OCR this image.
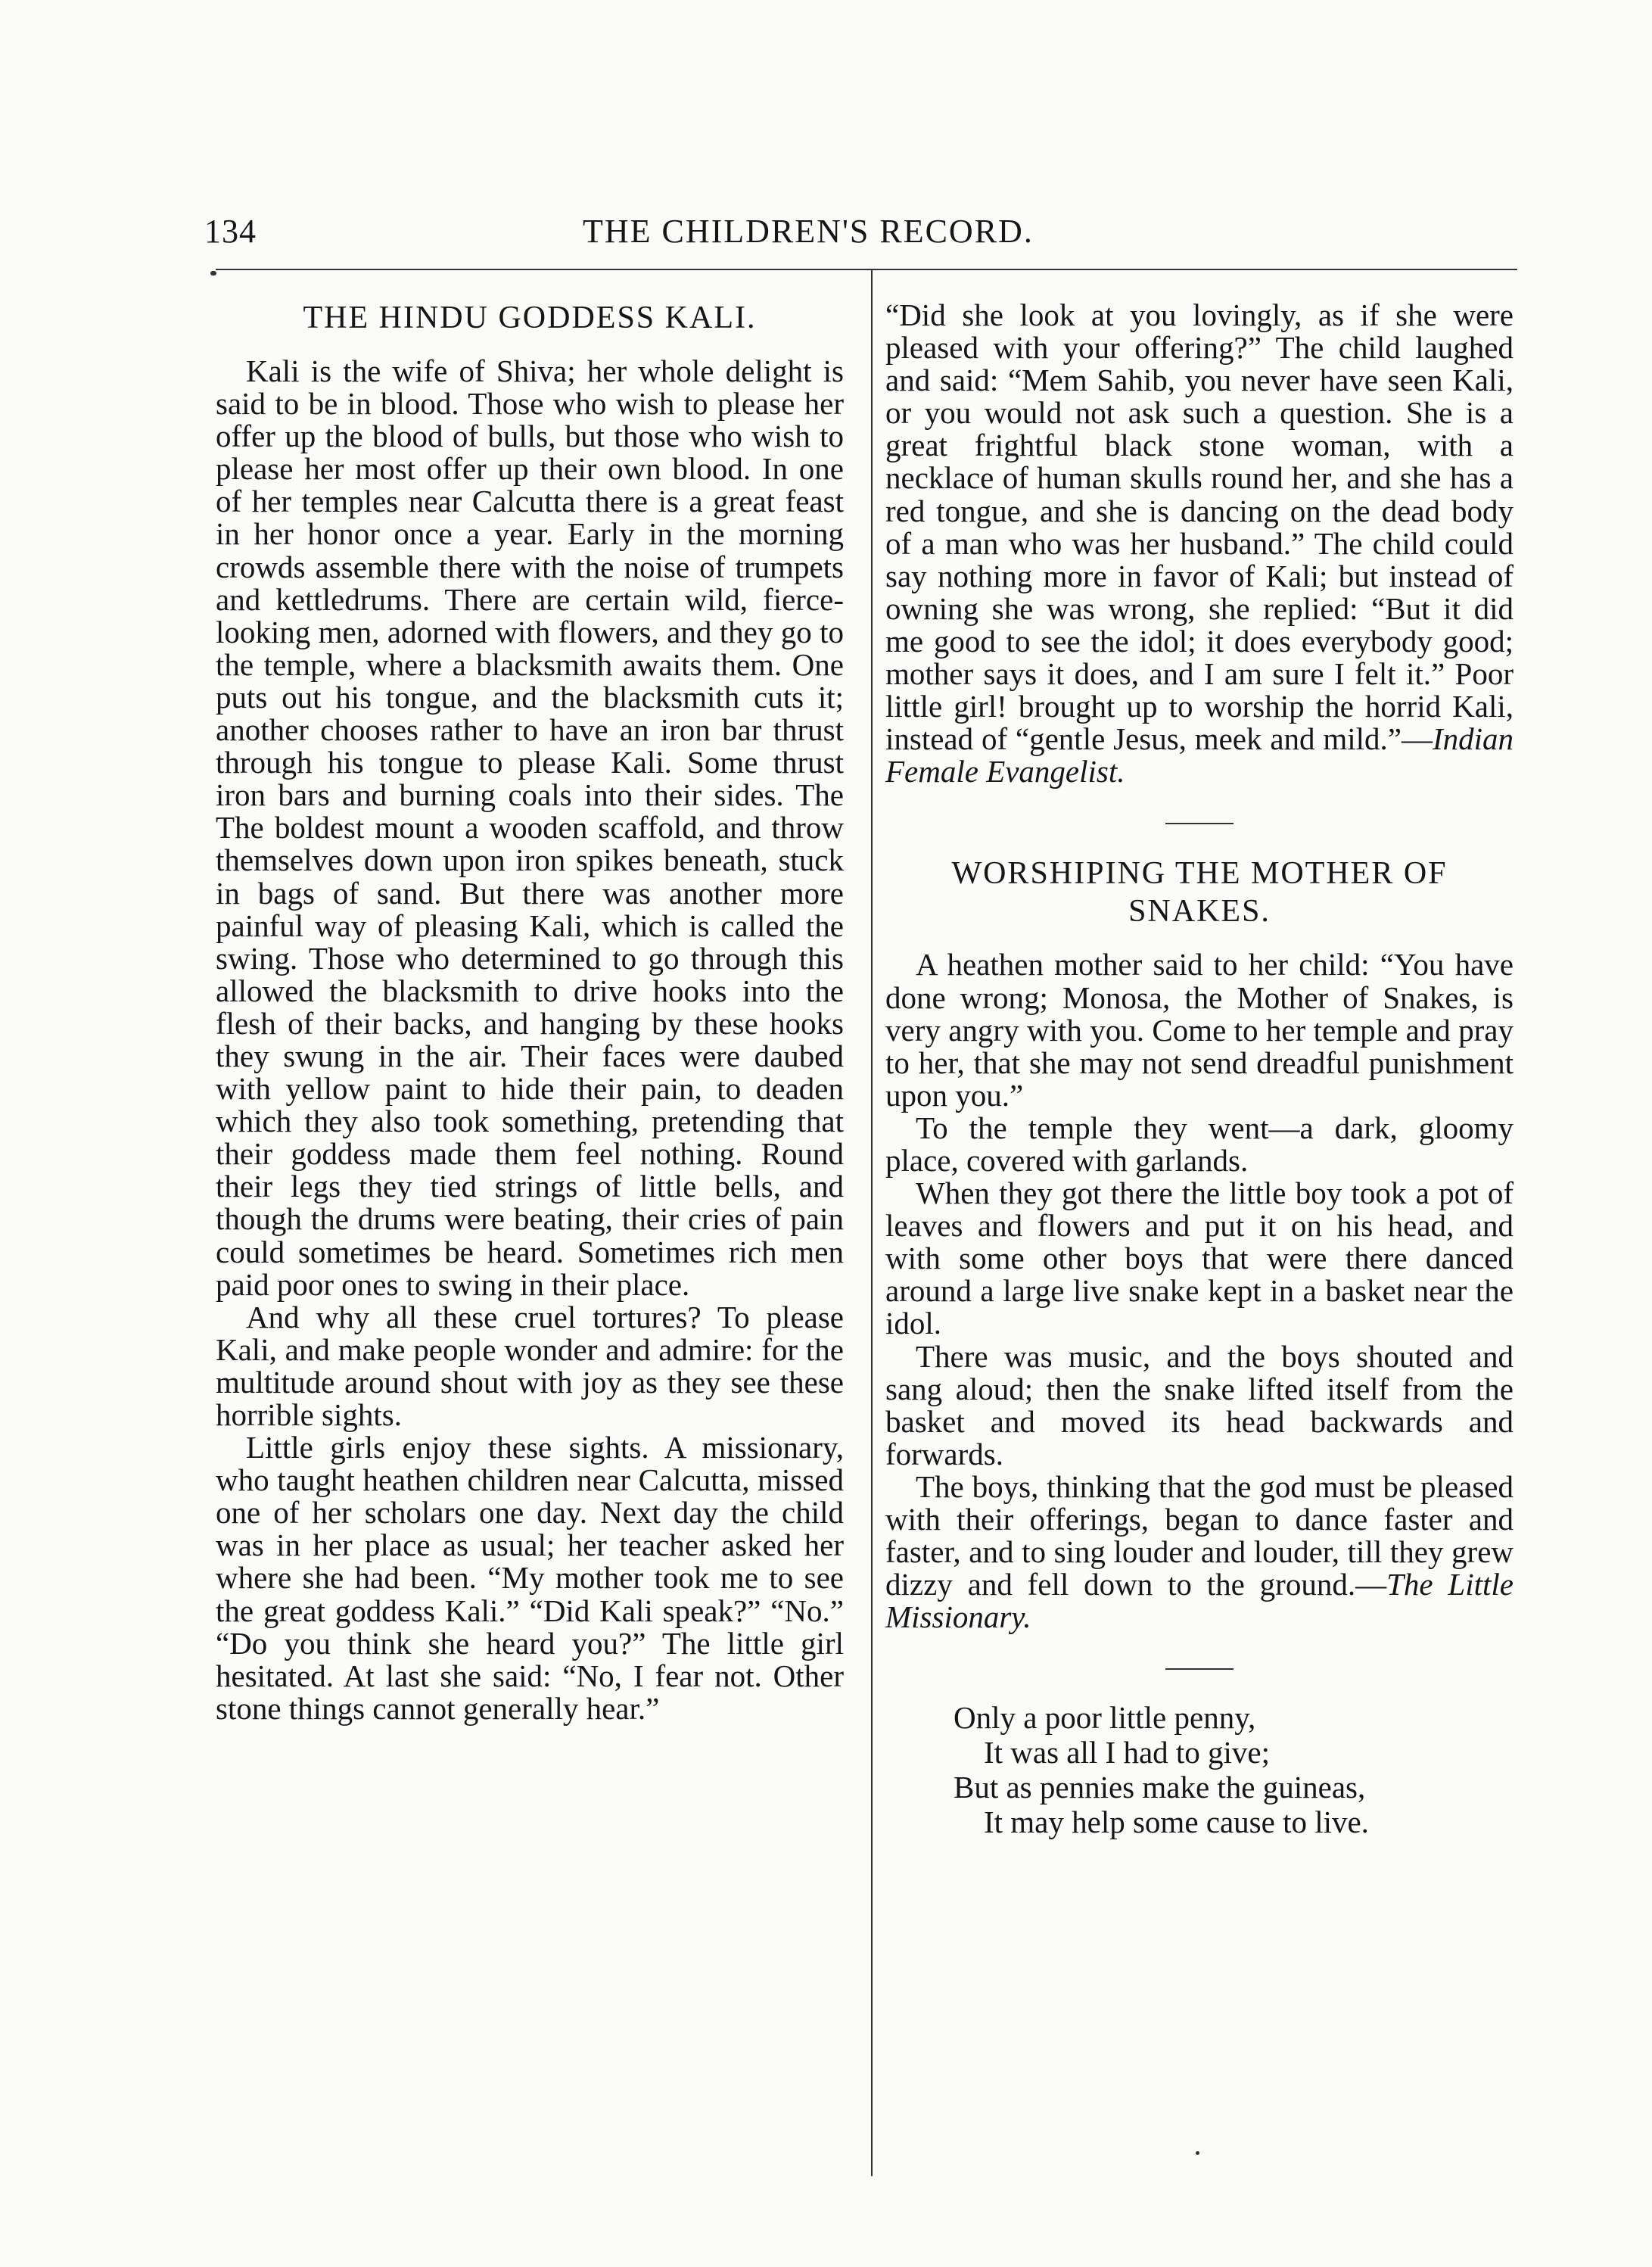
134	THE CHILDREN'S RECORD.
THE HINDU GODDESS KALI.

Kali is the wife of Shiva; her whole delight is said to be in blood. Those who wish to please her offer up the blood of bulls, but those who wish to please her most offer up their own blood. In one of her temples near Calcutta there is a great feast in her honor once a year. Early in the morning crowds assemble there with the noise of trumpets and kettledrums. There are certain wild, fierce-looking men, adorned with flowers, and they go to the temple, where a blacksmith awaits them. One puts out his tongue, and the blacksmith cuts it; another chooses rather to have an iron bar thrust through his tongue to please Kali. Some thrust iron bars and burning coals into their sides. The The boldest mount a wooden scaffold, and throw themselves down upon iron spikes beneath, stuck in bags of sand. But there was another more painful way of pleasing Kali, which is called the swing. Those who determined to go through this allowed the blacksmith to drive hooks into the flesh of their backs, and hanging by these hooks they swung in the air. Their faces were daubed with yellow paint to hide their pain, to deaden which they also took something, pretending that their goddess made them feel nothing. Round their legs they tied strings of little bells, and though the drums were beating, their cries of pain could sometimes be heard. Sometimes rich men paid poor ones to swing in their place.

And why all these cruel tortures? To please Kali, and make people wonder and admire: for the multitude around shout with joy as they see these horrible sights.

Little girls enjoy these sights. A missionary, who taught heathen children near Calcutta, missed one of her scholars one day. Next day the child was in her place as usual; her teacher asked her where she had been. “My mother took me to see the great goddess Kali.” “Did Kali speak?” “No.” “Do you think she heard you?” The little girl hesitated. At last she said: “No, I fear not. Other stone things cannot generally hear.”

“Did she look at you lovingly, as if she were pleased with your offering?” The child laughed and said: “Mem Sahib, you never have seen Kali, or you would not ask such a question. She is a great frightful black stone woman, with a necklace of human skulls round her, and she has a red tongue, and she is dancing on the dead body of a man who was her husband.” The child could say nothing more in favor of Kali; but instead of owning she was wrong, she replied: “But it did me good to see the idol; it does everybody good; mother says it does, and I am sure I felt it.” Poor little girl! brought up to worship the horrid Kali, instead of “gentle Jesus, meek and mild.”—Indian Female Evangelist.

WORSHIPING THE MOTHER OF SNAKES.

A heathen mother said to her child: “You have done wrong; Monosa, the Mother of Snakes, is very angry with you. Come to her temple and pray to her, that she may not send dreadful punishment upon you.”

To the temple they went—a dark, gloomy place, covered with garlands.

When they got there the little boy took a pot of leaves and flowers and put it on his head, and with some other boys that were there danced around a large live snake kept in a basket near the idol.

There was music, and the boys shouted and sang aloud; then the snake lifted itself from the basket and moved its head backwards and forwards.

The boys, thinking that the god must be pleased with their offerings, began to dance faster and faster, and to sing louder and louder, till they grew dizzy and fell down to the ground.—The Little Missionary.

Only a poor little penny,
It was all I had to give;
But as pennies make the guineas,
It may help some cause to live.
